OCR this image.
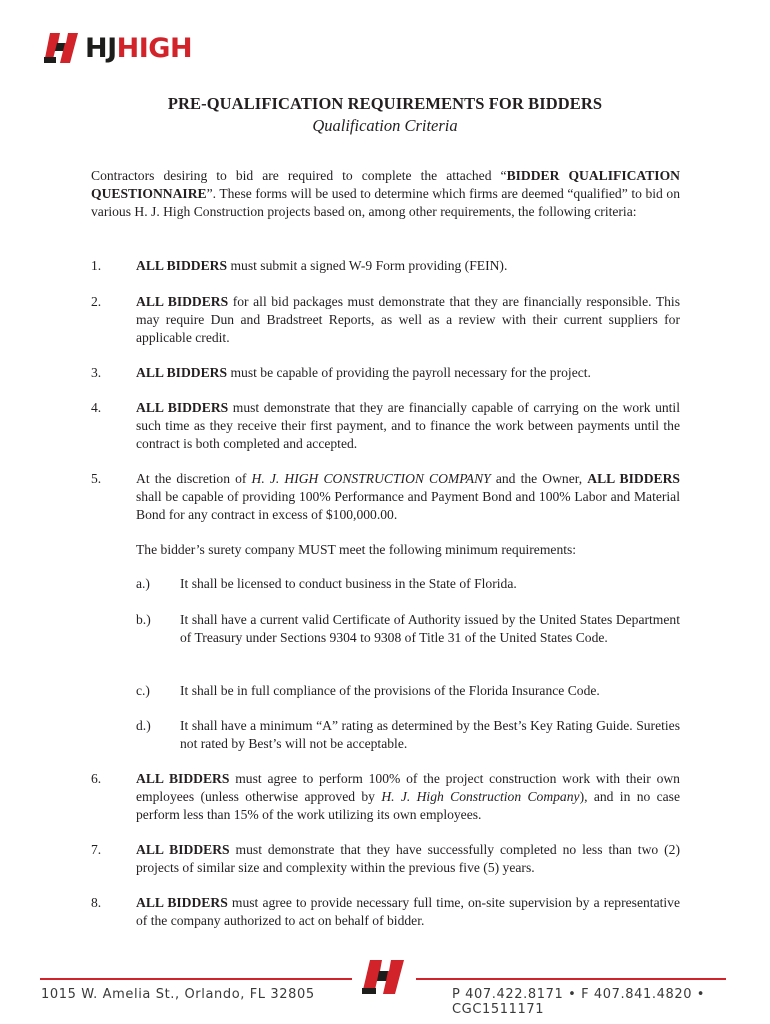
HJHIGH
PRE-QUALIFICATION REQUIREMENTS FOR BIDDERS
Qualification Criteria
Contractors desiring to bid are required to complete the attached “BIDDER QUALIFICATION QUESTIONNAIRE”. These forms will be used to determine which firms are deemed “qualified” to bid on various H. J. High Construction projects based on, among other requirements, the following criteria:
1.	ALL BIDDERS must submit a signed W-9 Form providing (FEIN).
2.	ALL BIDDERS for all bid packages must demonstrate that they are financially responsible. This may require Dun and Bradstreet Reports, as well as a review with their current suppliers for applicable credit.
3.	ALL BIDDERS must be capable of providing the payroll necessary for the project.
4.	ALL BIDDERS must demonstrate that they are financially capable of carrying on the work until such time as they receive their first payment, and to finance the work between payments until the contract is both completed and accepted.
5.	At the discretion of H. J. HIGH CONSTRUCTION COMPANY and the Owner, ALL BIDDERS shall be capable of providing 100% Performance and Payment Bond and 100% Labor and Material Bond for any contract in excess of $100,000.00.
The bidder’s surety company MUST meet the following minimum requirements:
a.) It shall be licensed to conduct business in the State of Florida.
b.) It shall have a current valid Certificate of Authority issued by the United States Department of Treasury under Sections 9304 to 9308 of Title 31 of the United States Code.
c.) It shall be in full compliance of the provisions of the Florida Insurance Code.
d.) It shall have a minimum “A” rating as determined by the Best’s Key Rating Guide. Sureties not rated by Best’s will not be acceptable.
6.	ALL BIDDERS must agree to perform 100% of the project construction work with their own employees (unless otherwise approved by H. J. High Construction Company), and in no case perform less than 15% of the work utilizing its own employees.
7.	ALL BIDDERS must demonstrate that they have successfully completed no less than two (2) projects of similar size and complexity within the previous five (5) years.
8.	ALL BIDDERS must agree to provide necessary full time, on-site supervision by a representative of the company authorized to act on behalf of bidder.
1015 W. Amelia St., Orlando, FL 32805	P 407.422.8171 • F 407.841.4820 • CGC1511171
